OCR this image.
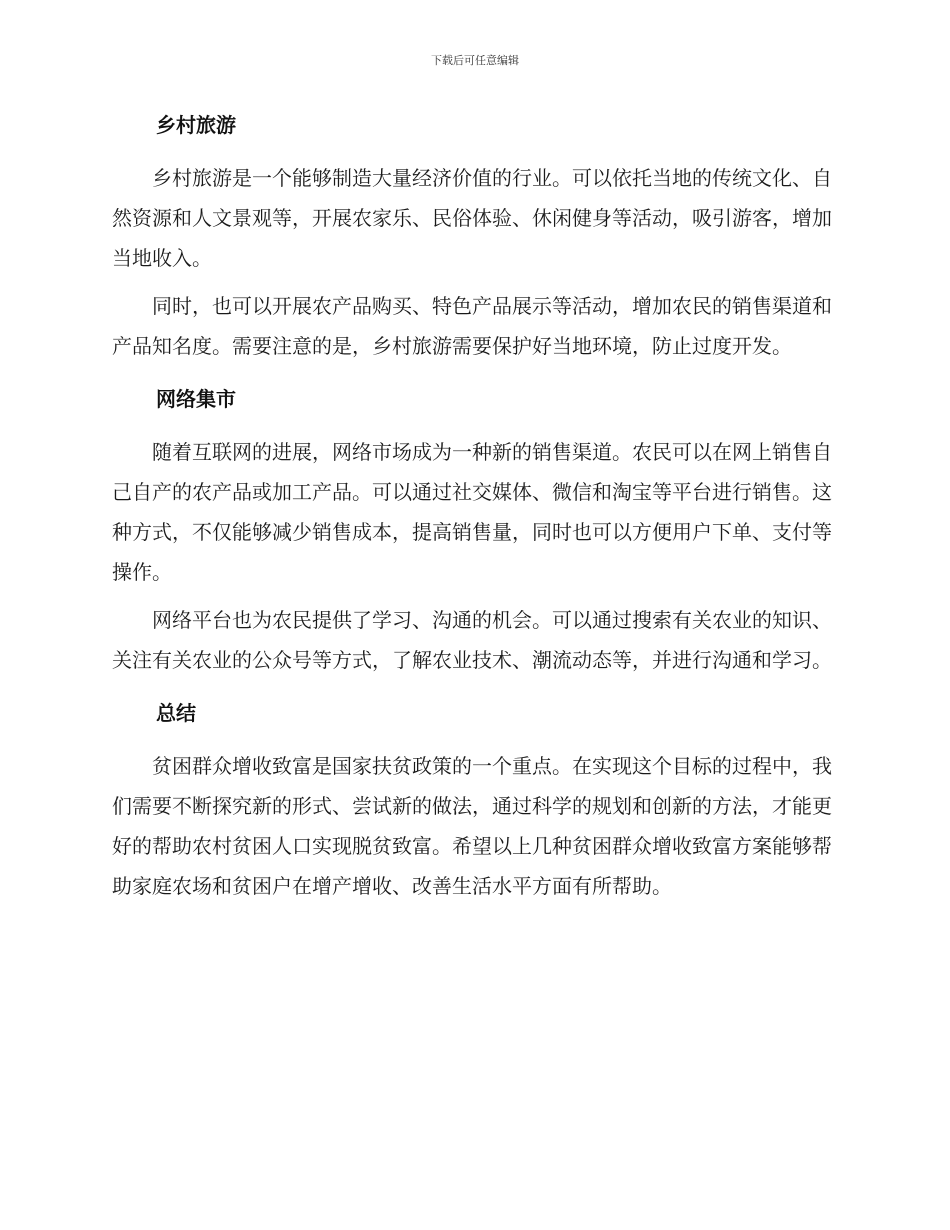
下载后可任意编辑
乡村旅游

乡村旅游是一个能够制造大量经济价值的行业。可以依托当地的传统文化、自然资源和人文景观等，开展农家乐、民俗体验、休闲健身等活动，吸引游客，增加当地收入。

同时，也可以开展农产品购买、特色产品展示等活动，增加农民的销售渠道和产品知名度。需要注意的是，乡村旅游需要保护好当地环境，防止过度开发。

网络集市

随着互联网的进展，网络市场成为一种新的销售渠道。农民可以在网上销售自己自产的农产品或加工产品。可以通过社交媒体、微信和淘宝等平台进行销售。这种方式，不仅能够减少销售成本，提高销售量，同时也可以方便用户下单、支付等操作。

网络平台也为农民提供了学习、沟通的机会。可以通过搜索有关农业的知识、关注有关农业的公众号等方式，了解农业技术、潮流动态等，并进行沟通和学习。

总结

贫困群众增收致富是国家扶贫政策的一个重点。在实现这个目标的过程中，我们需要不断探究新的形式、尝试新的做法，通过科学的规划和创新的方法，才能更好的帮助农村贫困人口实现脱贫致富。希望以上几种贫困群众增收致富方案能够帮助家庭农场和贫困户在增产增收、改善生活水平方面有所帮助。
